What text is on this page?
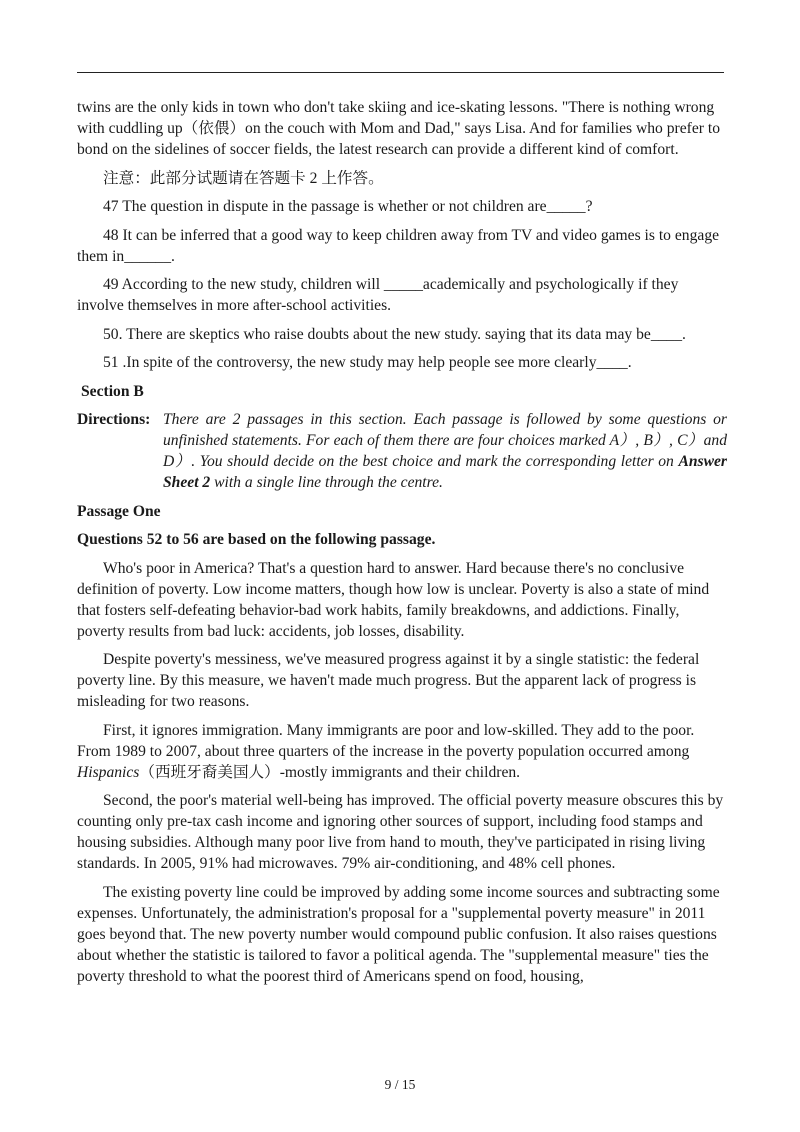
twins are the only kids in town who don't take skiing and ice-skating lessons. "There is nothing wrong with cuddling up（依偎）on the couch with Mom and Dad," says Lisa. And for families who prefer to bond on the sidelines of soccer fields, the latest research can provide a different kind of comfort.

注意：此部分试题请在答题卡 2 上作答。

47 The question in dispute in the passage is whether or not children are_____?

48 It can be inferred that a good way to keep children away from TV and video games is to engage them in______.

49 According to the new study, children will _____academically and psychologically if they involve themselves in more after-school activities.

50. There are skeptics who raise doubts about the new study. saying that its data may be____.

51 .In spite of the controversy, the new study may help people see more clearly____.

Section B

Directions: There are 2 passages in this section. Each passage is followed by some questions or unfinished statements. For each of them there are four choices marked A）, B）, C）and D）. You should decide on the best choice and mark the corresponding letter on Answer Sheet 2 with a single line through the centre.

Passage One

Questions 52 to 56 are based on the following passage.

Who's poor in America? That's a question hard to answer. Hard because there's no conclusive definition of poverty. Low income matters, though how low is unclear. Poverty is also a state of mind that fosters self-defeating behavior-bad work habits, family breakdowns, and addictions. Finally, poverty results from bad luck: accidents, job losses, disability.

Despite poverty's messiness, we've measured progress against it by a single statistic: the federal poverty line. By this measure, we haven't made much progress. But the apparent lack of progress is misleading for two reasons.

First, it ignores immigration. Many immigrants are poor and low-skilled. They add to the poor. From 1989 to 2007, about three quarters of the increase in the poverty population occurred among Hispanics（西班牙裔美国人）-mostly immigrants and their children.

Second, the poor's material well-being has improved. The official poverty measure obscures this by counting only pre-tax cash income and ignoring other sources of support, including food stamps and housing subsidies. Although many poor live from hand to mouth, they've participated in rising living standards. In 2005, 91% had microwaves. 79% air-conditioning, and 48% cell phones.

The existing poverty line could be improved by adding some income sources and subtracting some expenses. Unfortunately, the administration's proposal for a "supplemental poverty measure" in 2011 goes beyond that. The new poverty number would compound public confusion. It also raises questions about whether the statistic is tailored to favor a political agenda. The "supplemental measure" ties the poverty threshold to what the poorest third of Americans spend on food, housing,

9 / 15
